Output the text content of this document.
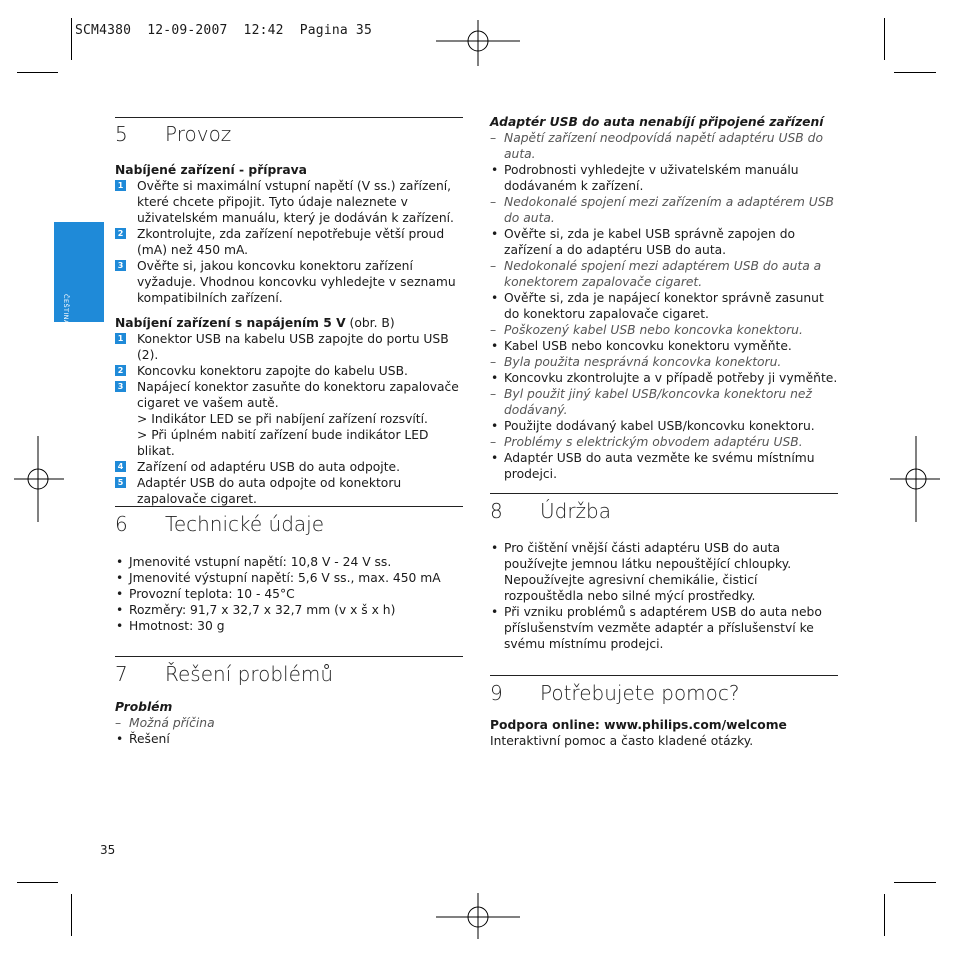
SCM4380  12-09-2007  12:42  Pagina 35
ČEŠTINA
5	Provoz
Nabíjené zařízení - příprava
1 Ověřte si maximální vstupní napětí (V ss.) zařízení, které chcete připojit. Tyto údaje naleznete v uživatelském manuálu, který je dodáván k zařízení.
2 Zkontrolujte, zda zařízení nepotřebuje větší proud (mA) než 450 mA.
3 Ověřte si, jakou koncovku konektoru zařízení vyžaduje. Vhodnou koncovku vyhledejte v seznamu kompatibilních zařízení.
Nabíjení zařízení s napájením 5 V (obr. B)
1 Konektor USB na kabelu USB zapojte do portu USB (2).
2 Koncovku konektoru zapojte do kabelu USB.
3 Napájecí konektor zasuňte do konektoru zapalovače cigaret ve vašem autě.
> Indikátor LED se při nabíjení zařízení rozsvítí.
> Při úplném nabití zařízení bude indikátor LED blikat.
4 Zařízení od adaptéru USB do auta odpojte.
5 Adaptér USB do auta odpojte od konektoru zapalovače cigaret.
6	Technické údaje
• Jmenovité vstupní napětí: 10,8 V - 24 V ss.
• Jmenovité výstupní napětí: 5,6 V ss., max. 450 mA
• Provozní teplota: 10 - 45°C
• Rozměry: 91,7 x 32,7 x 32,7 mm (v x š x h)
• Hmotnost: 30 g
7	Řešení problémů
Problém
– Možná příčina
• Řešení
Adaptér USB do auta nenabíjí připojené zařízení
– Napětí zařízení neodpovídá napětí adaptéru USB do auta.
• Podrobnosti vyhledejte v uživatelském manuálu dodávaném k zařízení.
– Nedokonalé spojení mezi zařízením a adaptérem USB do auta.
• Ověřte si, zda je kabel USB správně zapojen do zařízení a do adaptéru USB do auta.
– Nedokonalé spojení mezi adaptérem USB do auta a konektorem zapalovače cigaret.
• Ověřte si, zda je napájecí konektor správně zasunut do konektoru zapalovače cigaret.
– Poškozený kabel USB nebo koncovka konektoru.
• Kabel USB nebo koncovku konektoru vyměňte.
– Byla použita nesprávná koncovka konektoru.
• Koncovku zkontrolujte a v případě potřeby ji vyměňte.
– Byl použit jiný kabel USB/koncovka konektoru než dodávaný.
• Použijte dodávaný kabel USB/koncovku konektoru.
– Problémy s elektrickým obvodem adaptéru USB.
• Adaptér USB do auta vezměte ke svému místnímu prodejci.
8	Údržba
• Pro čištění vnější části adaptéru USB do auta používejte jemnou látku nepouštějící chloupky. Nepoužívejte agresivní chemikálie, čisticí rozpouštědla nebo silné mýcí prostředky.
• Při vzniku problémů s adaptérem USB do auta nebo příslušenstvím vezměte adaptér a příslušenství ke svému místnímu prodejci.
9	Potřebujete pomoc?
Podpora online: www.philips.com/welcome
Interaktivní pomoc a často kladené otázky.
35
